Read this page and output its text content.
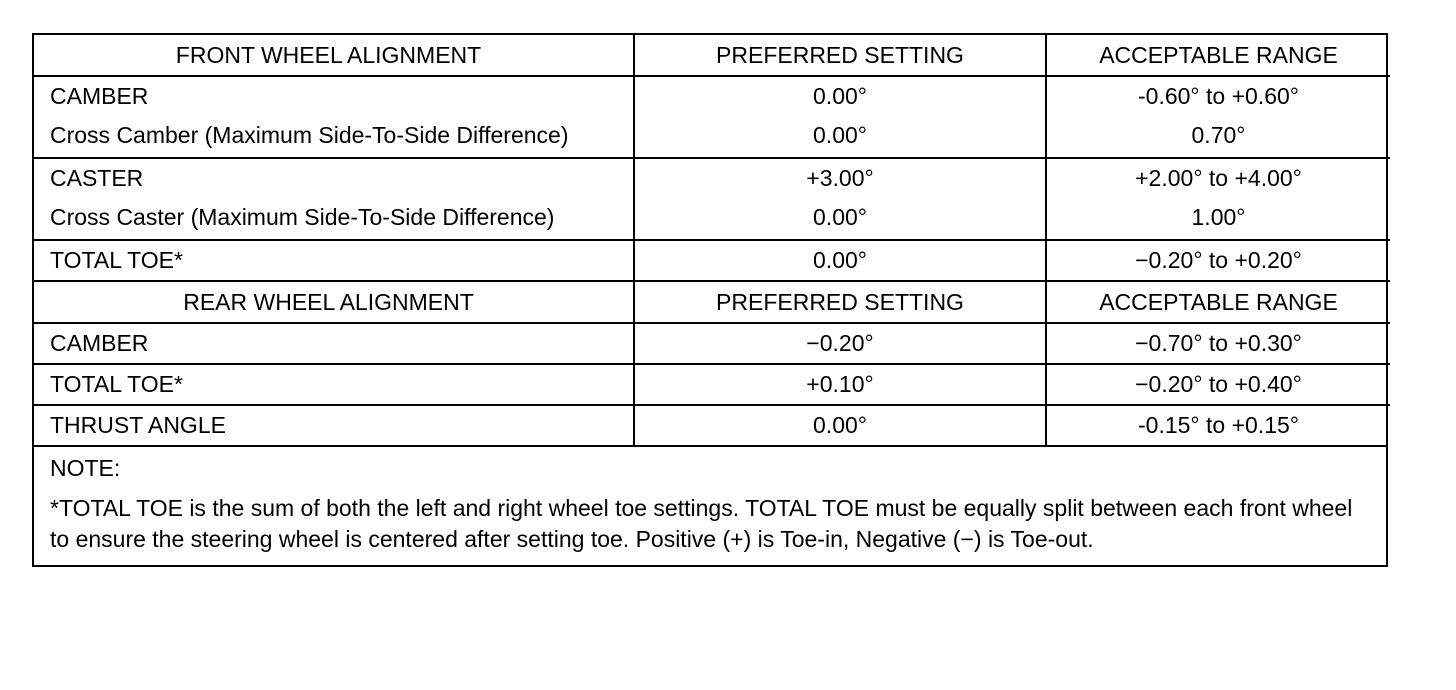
FRONT WHEEL ALIGNMENT	PREFERRED SETTING	ACCEPTABLE RANGE
CAMBER	0.00°	-0.60° to +0.60°
Cross Camber (Maximum Side-To-Side Difference)	0.00°	0.70°
CASTER	+3.00°	+2.00° to +4.00°
Cross Caster (Maximum Side-To-Side Difference)	0.00°	1.00°
TOTAL TOE*	0.00°	−0.20° to +0.20°
REAR WHEEL ALIGNMENT	PREFERRED SETTING	ACCEPTABLE RANGE
CAMBER	−0.20°	−0.70° to +0.30°
TOTAL TOE*	+0.10°	−0.20° to +0.40°
THRUST ANGLE	0.00°	-0.15° to +0.15°
NOTE:

*TOTAL TOE is the sum of both the left and right wheel toe settings. TOTAL TOE must be equally split between each front wheel to ensure the steering wheel is centered after setting toe. Positive (+) is Toe-in, Negative (−) is Toe-out.
